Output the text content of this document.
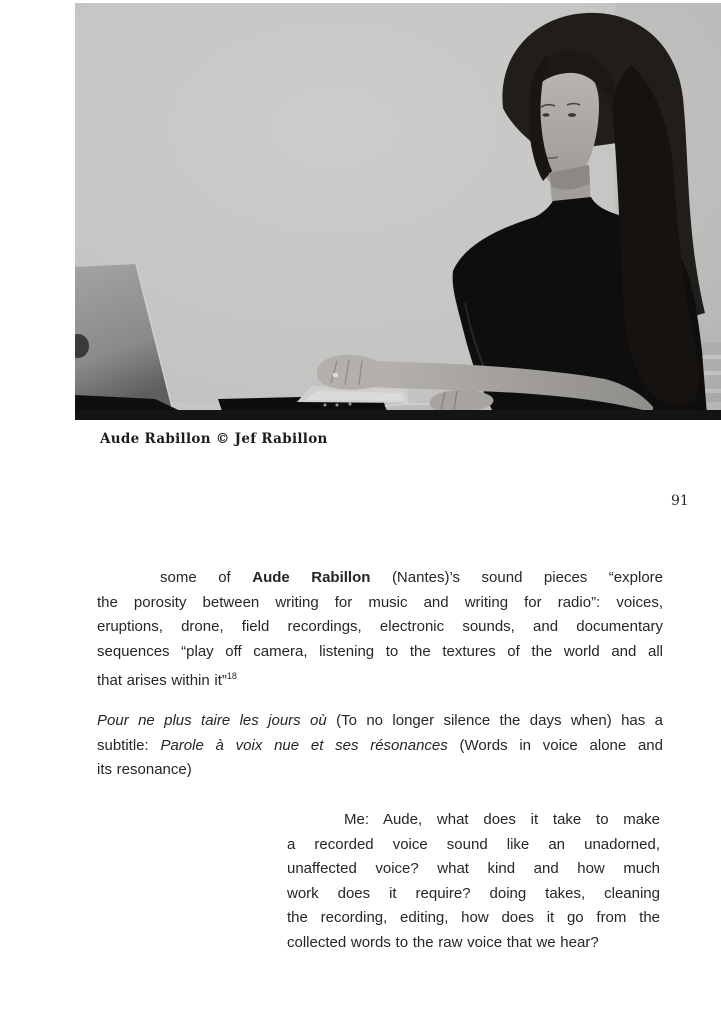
Aude Rabillon © Jef Rabillon
91
some of Aude Rabillon (Nantes)’s sound pieces “explore
the porosity between writing for music and writing for radio”: voices,
eruptions, drone, field recordings, electronic sounds, and documentary
sequences “play off camera, listening to the textures of the world and all
that arises within it”$^{18}$
Pour ne plus taire les jours où (To no longer silence the days when) has a
subtitle: Parole à voix nue et ses résonances (Words in voice alone and
its resonance)
Me: Aude, what does it take to make
a recorded voice sound like an unadorned,
unaffected voice? what kind and how much
work does it require? doing takes, cleaning
the recording, editing, how does it go from the
collected words to the raw voice that we hear?
